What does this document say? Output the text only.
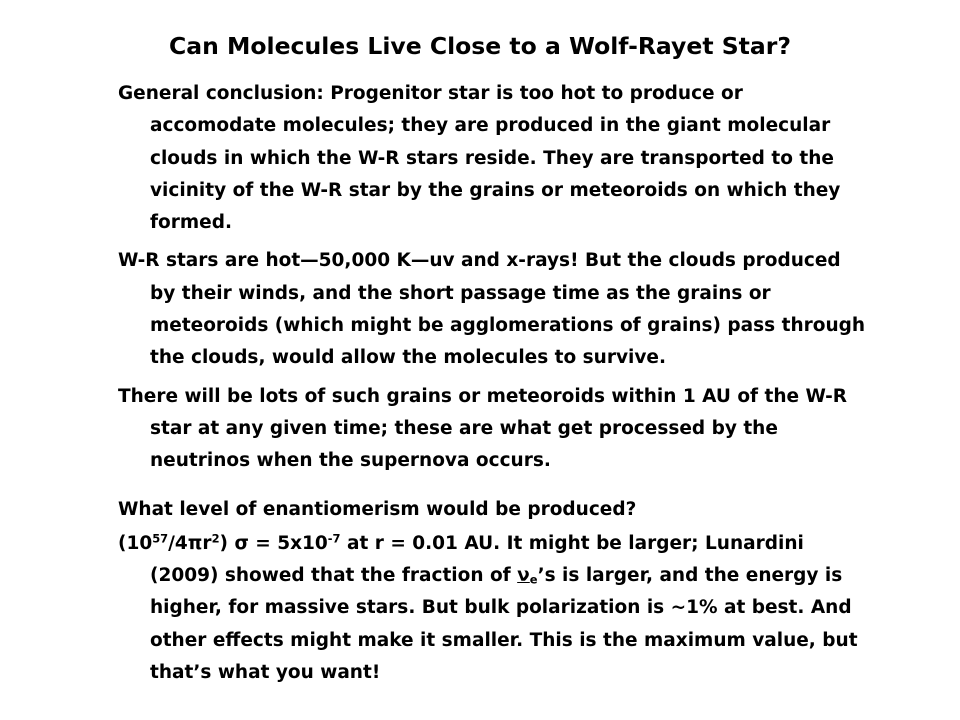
Can Molecules Live Close to a Wolf-Rayet Star?

General conclusion: Progenitor star is too hot to produce or accomodate molecules; they are produced in the giant molecular clouds in which the W-R stars reside. They are transported to the vicinity of the W-R star by the grains or meteoroids on which they formed.

W-R stars are hot—50,000 K—uv and x-rays! But the clouds produced by their winds, and the short passage time as the grains or meteoroids (which might be agglomerations of grains) pass through the clouds, would allow the molecules to survive.

There will be lots of such grains or meteoroids within 1 AU of the W-R star at any given time; these are what get processed by the neutrinos when the supernova occurs.

What level of enantiomerism would be produced?

$(10^{57}/4\pi r^2) \sigma = 5x10^{-7}$ at r = 0.01 AU. It might be larger; Lunardini (2009) showed that the fraction of $\nu_e’s$ is larger, and the energy is higher, for massive stars. But bulk polarization is ~1% at best. And other effects might make it smaller. This is the maximum value, but that’s what you want!
